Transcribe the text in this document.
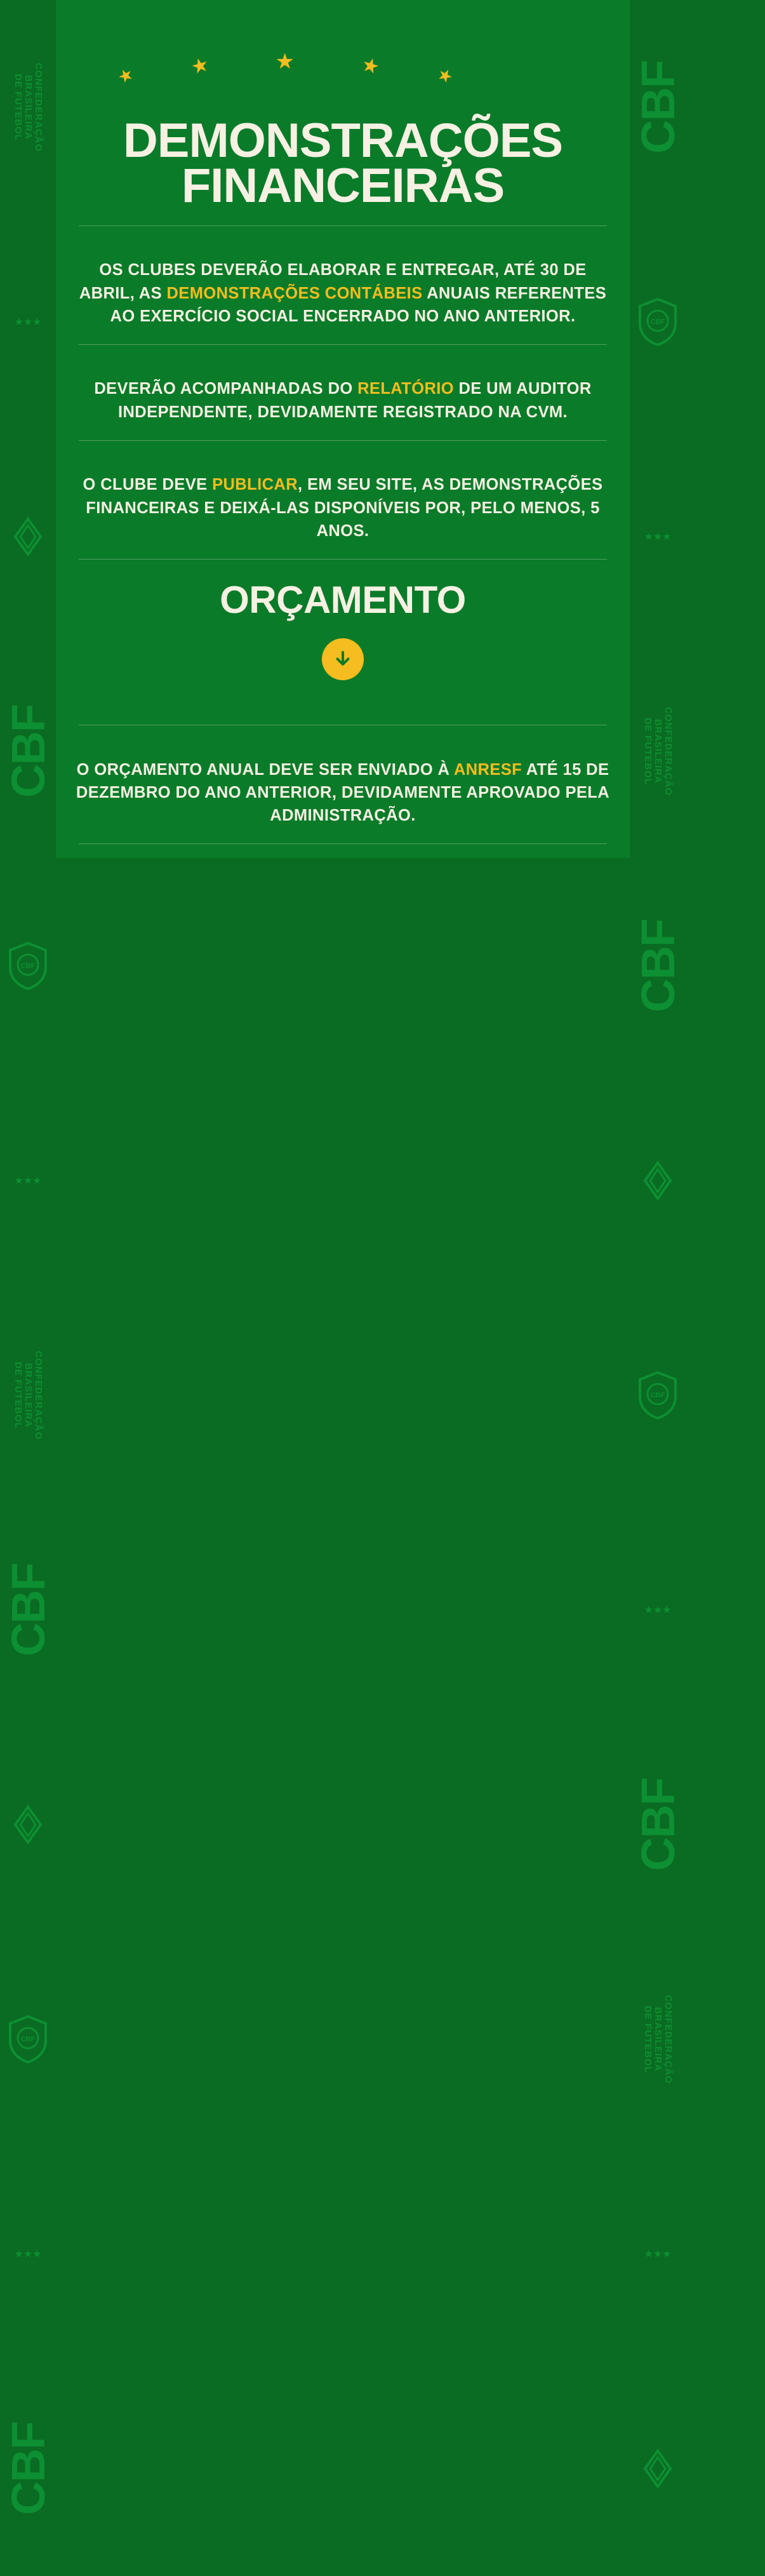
CONFEDERAÇÃO
BRASILEIRA
DE FUTEBOL
★★★
CBF
CBF
★★★
CONFEDERAÇÃO
BRASILEIRA
DE FUTEBOL
CBF
CBF
★★★
CBF
CBF
CBF
★★★
CONFEDERAÇÃO
BRASILEIRA
DE FUTEBOL
CBF
CBF
★★★
CBF
CONFEDERAÇÃO
BRASILEIRA
DE FUTEBOL
★★★
★	★	★	★	★
DEMONSTRAÇÕES
FINANCEIRAS

OS CLUBES DEVERÃO ELABORAR E ENTREGAR, ATÉ 30 DE ABRIL, AS DEMONSTRAÇÕES CONTÁBEIS ANUAIS REFERENTES AO EXERCÍCIO SOCIAL ENCERRADO NO ANO ANTERIOR.

DEVERÃO ACOMPANHADAS DO RELATÓRIO DE UM AUDITOR INDEPENDENTE, DEVIDAMENTE REGISTRADO NA CVM.

O CLUBE DEVE PUBLICAR, EM SEU SITE, AS DEMONSTRAÇÕES FINANCEIRAS E DEIXÁ-LAS DISPONÍVEIS POR, PELO MENOS, 5 ANOS.

ORÇAMENTO

O ORÇAMENTO ANUAL DEVE SER ENVIADO À ANRESF ATÉ 15 DE DEZEMBRO DO ANO ANTERIOR, DEVIDAMENTE APROVADO PELA ADMINISTRAÇÃO.
